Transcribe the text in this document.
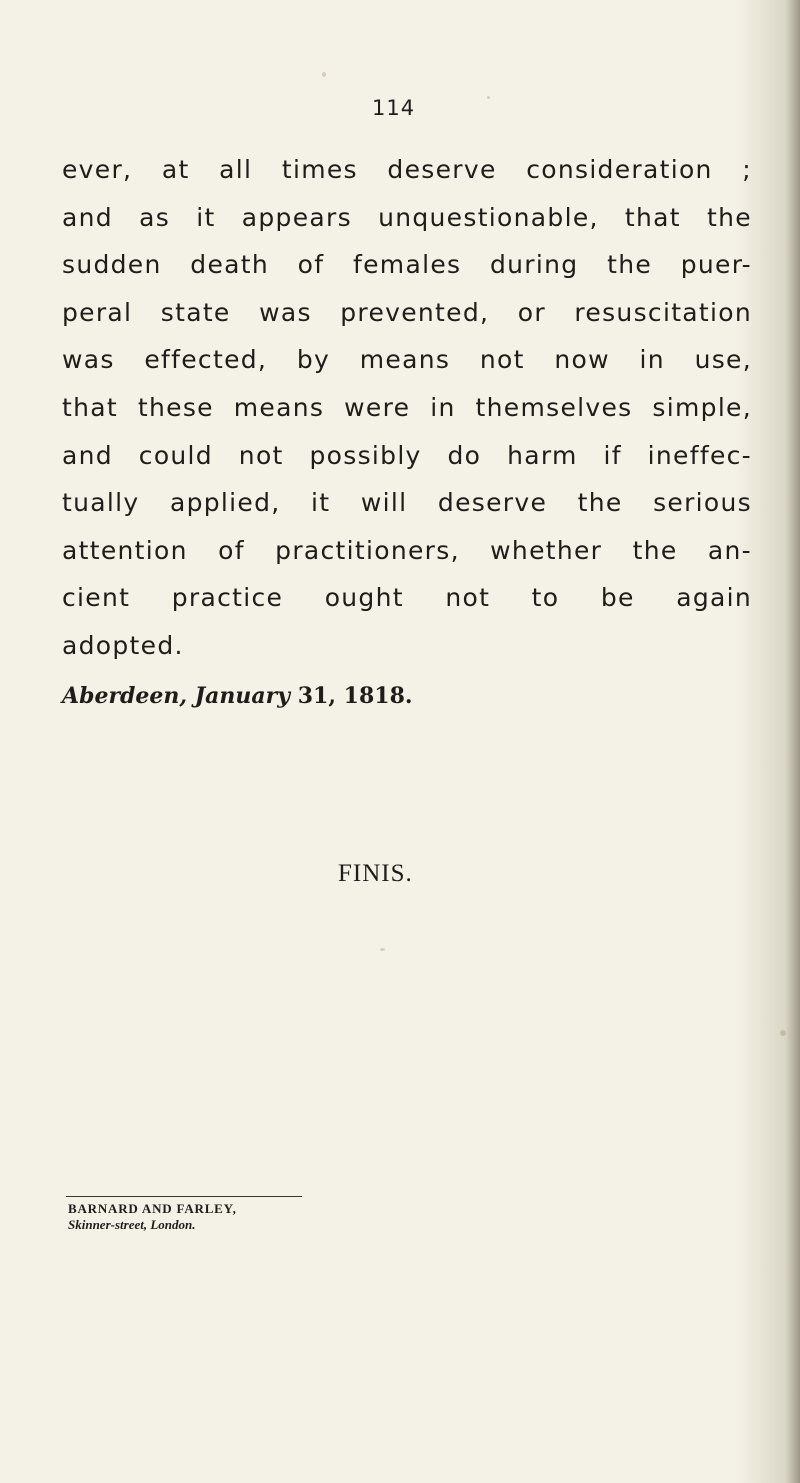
114
ever, at all times deserve consideration ;
and as it appears unquestionable, that the
sudden death of females during the puer-
peral state was prevented, or resuscitation
was effected, by means not now in use,
that these means were in themselves simple,
and could not possibly do harm if ineffec-
tually applied, it will deserve the serious
attention of practitioners, whether the an-
cient practice ought not to be again
adopted.
Aberdeen, January 31, 1818.
FINIS.
BARNARD AND FARLEY,
Skinner-street, London.
